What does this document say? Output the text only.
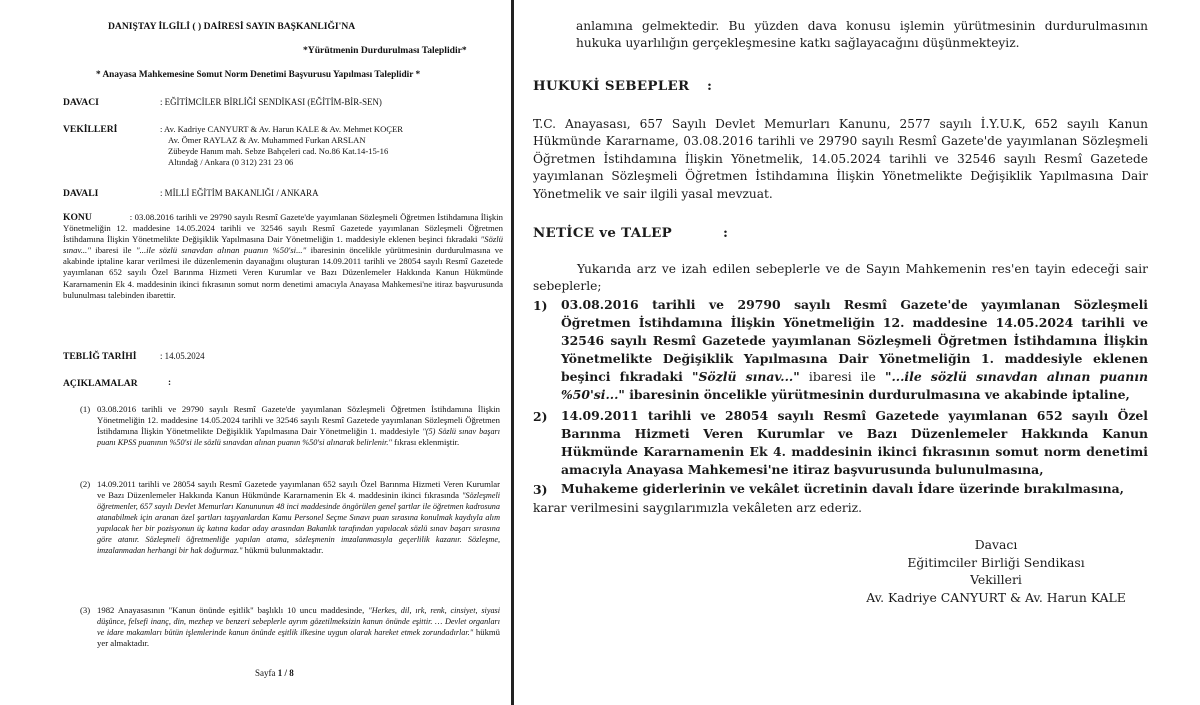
DANIŞTAY İLGİLİ ( ) DAİRESİ SAYIN BAŞKANLIĞI'NA
*Yürütmenin Durdurulması Taleplidir*
* Anayasa Mahkemesine Somut Norm Denetimi Başvurusu Yapılması Taleplidir *
DAVACI	: EĞİTİMCİLER BİRLİĞİ SENDİKASI (EĞİTİM-BİR-SEN)
VEKİLLERİ	: Av. Kadriye CANYURT & Av. Harun KALE & Av. Mehmet KOÇER
Av. Ömer RAYLAZ & Av. Muhammed Furkan ARSLAN
Zübeyde Hanım mah. Sebze Bahçeleri cad. No.86 Kat.14-15-16
Altındağ / Ankara (0 312) 231 23 06
DAVALI	: MİLLİ EĞİTİM BAKANLIĞI / ANKARA
KONU	: 03.08.2016 tarihli ve 29790 sayılı Resmî Gazete'de yayımlanan Sözleşmeli Öğretmen İstihdamına İlişkin Yönetmeliğin 12. maddesine 14.05.2024 tarihli ve 32546 sayılı Resmî Gazetede yayımlanan Sözleşmeli Öğretmen İstihdamına İlişkin Yönetmelikte Değişiklik Yapılmasına Dair Yönetmeliğin 1. maddesiyle eklenen beşinci fıkradaki "Sözlü sınav..." ibaresi ile "...ile sözlü sınavdan alınan puanın %50'si..." ibaresinin öncelikle yürütmesinin durdurulmasına ve akabinde iptaline karar verilmesi ile düzenlemenin dayanağını oluşturan 14.09.2011 tarihli ve 28054 sayılı Resmî Gazetede yayımlanan 652 sayılı Özel Barınma Hizmeti Veren Kurumlar ve Bazı Düzenlemeler Hakkında Kanun Hükmünde Kararnamenin Ek 4. maddesinin ikinci fıkrasının somut norm denetimi amacıyla Anayasa Mahkemesi'ne itiraz başvurusunda bulunulması talebinden ibarettir.
TEBLİĞ TARİHİ	: 14.05.2024
AÇIKLAMALAR	:
(1) 03.08.2016 tarihli ve 29790 sayılı Resmî Gazete'de yayımlanan Sözleşmeli Öğretmen İstihdamına İlişkin Yönetmeliğin 12. maddesine 14.05.2024 tarihli ve 32546 sayılı Resmî Gazetede yayımlanan Sözleşmeli Öğretmen İstihdamına İlişkin Yönetmelikte Değişiklik Yapılmasına Dair Yönetmeliğin 1. maddesiyle "(5) Sözlü sınav başarı puanı KPSS puanının %50'si ile sözlü sınavdan alınan puanın %50'si alınarak belirlenir." fıkrası eklenmiştir.
(2) 14.09.2011 tarihli ve 28054 sayılı Resmî Gazetede yayımlanan 652 sayılı Özel Barınma Hizmeti Veren Kurumlar ve Bazı Düzenlemeler Hakkında Kanun Hükmünde Kararnamenin Ek 4. maddesinin ikinci fıkrasında "Sözleşmeli öğretmenler, 657 sayılı Devlet Memurları Kanununun 48 inci maddesinde öngörülen genel şartlar ile öğretmen kadrosuna atanabilmek için aranan özel şartları taşıyanlardan Kamu Personel Seçme Sınavı puan sırasına konulmak kaydıyla alım yapılacak her bir pozisyonun üç katına kadar aday arasından Bakanlık tarafından yapılacak sözlü sınav başarı sırasına göre atanır. Sözleşmeli öğretmenliğe yapılan atama, sözleşmenin imzalanmasıyla geçerlilik kazanır. Sözleşme, imzalanmadan herhangi bir hak doğurmaz." hükmü bulunmaktadır.
(3) 1982 Anayasasının "Kanun önünde eşitlik" başlıklı 10 uncu maddesinde, "Herkes, dil, ırk, renk, cinsiyet, siyasi düşünce, felsefi inanç, din, mezhep ve benzeri sebeplerle ayrım gözetilmeksizin kanun önünde eşittir. … Devlet organları ve idare makamları bütün işlemlerinde kanun önünde eşitlik ilkesine uygun olarak hareket etmek zorundadırlar." hükmü yer almaktadır.
Sayfa 1 / 8
anlamına gelmektedir. Bu yüzden dava konusu işlemin yürütmesinin durdurulmasının hukuka uyarlılığın gerçekleşmesine katkı sağlayacağını düşünmekteyiz.
HUKUKİ SEBEPLER :
T.C. Anayasası, 657 Sayılı Devlet Memurları Kanunu, 2577 sayılı İ.Y.U.K, 652 sayılı Kanun Hükmünde Kararname, 03.08.2016 tarihli ve 29790 sayılı Resmî Gazete'de yayımlanan Sözleşmeli Öğretmen İstihdamına İlişkin Yönetmelik, 14.05.2024 tarihli ve 32546 sayılı Resmî Gazetede yayımlanan Sözleşmeli Öğretmen İstihdamına İlişkin Yönetmelikte Değişiklik Yapılmasına Dair Yönetmelik ve sair ilgili yasal mevzuat.
NETİCE ve TALEP	:
Yukarıda arz ve izah edilen sebeplerle ve de Sayın Mahkemenin res'en tayin edeceği sair sebeplerle;
1) 03.08.2016 tarihli ve 29790 sayılı Resmî Gazete'de yayımlanan Sözleşmeli Öğretmen İstihdamına İlişkin Yönetmeliğin 12. maddesine 14.05.2024 tarihli ve 32546 sayılı Resmî Gazetede yayımlanan Sözleşmeli Öğretmen İstihdamına İlişkin Yönetmelikte Değişiklik Yapılmasına Dair Yönetmeliğin 1. maddesiyle eklenen beşinci fıkradaki "Sözlü sınav..." ibaresi ile "...ile sözlü sınavdan alınan puanın %50'si..." ibaresinin öncelikle yürütmesinin durdurulmasına ve akabinde iptaline,
2) 14.09.2011 tarihli ve 28054 sayılı Resmî Gazetede yayımlanan 652 sayılı Özel Barınma Hizmeti Veren Kurumlar ve Bazı Düzenlemeler Hakkında Kanun Hükmünde Kararnamenin Ek 4. maddesinin ikinci fıkrasının somut norm denetimi amacıyla Anayasa Mahkemesi'ne itiraz başvurusunda bulunulmasına,
3) Muhakeme giderlerinin ve vekâlet ücretinin davalı İdare üzerinde bırakılmasına,
karar verilmesini saygılarımızla vekâleten arz ederiz.
Davacı
Eğitimciler Birliği Sendikası
Vekilleri
Av. Kadriye CANYURT & Av. Harun KALE
